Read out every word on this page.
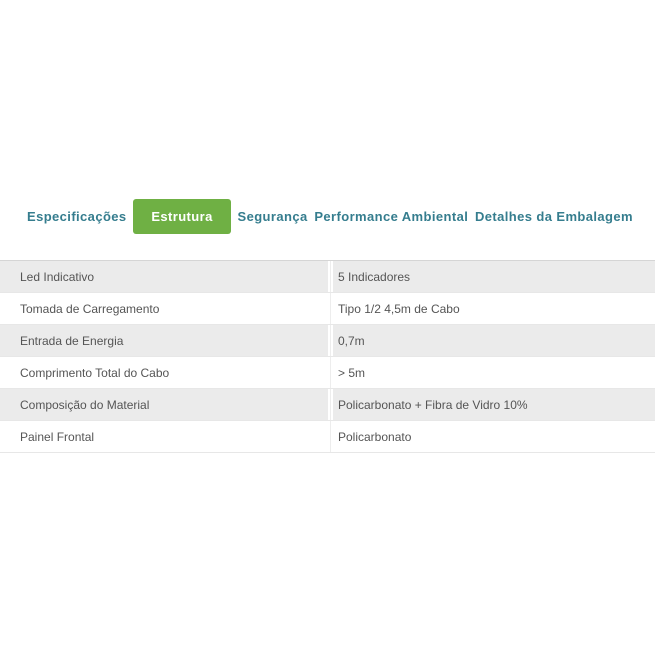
Especificações	Estrutura	Segurança Performance Ambiental Detalhes da Embalagem
Led Indicativo	5 Indicadores
Tomada de Carregamento	Tipo 1/2 4,5m de Cabo
Entrada de Energia	0,7m
Comprimento Total do Cabo	> 5m
Composição do Material	Policarbonato + Fibra de Vidro 10%
Painel Frontal	Policarbonato
